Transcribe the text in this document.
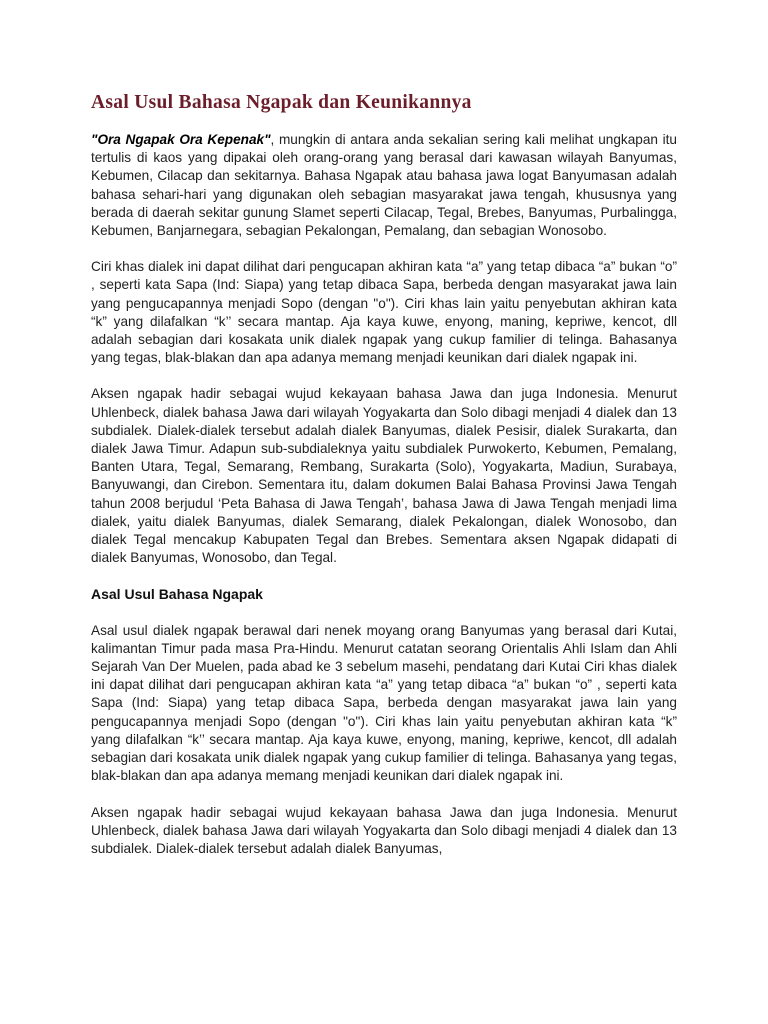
Asal Usul Bahasa Ngapak dan Keunikannya

"Ora Ngapak Ora Kepenak", mungkin di antara anda sekalian sering kali melihat ungkapan itu tertulis di kaos yang dipakai oleh orang-orang yang berasal dari kawasan wilayah Banyumas, Kebumen, Cilacap dan sekitarnya. Bahasa Ngapak atau bahasa jawa logat Banyumasan adalah bahasa sehari-hari yang digunakan oleh sebagian masyarakat jawa tengah, khususnya yang berada di daerah sekitar gunung Slamet seperti Cilacap, Tegal, Brebes, Banyumas, Purbalingga, Kebumen, Banjarnegara, sebagian Pekalongan, Pemalang, dan sebagian Wonosobo.

Ciri khas dialek ini dapat dilihat dari pengucapan akhiran kata “a” yang tetap dibaca “a” bukan “o” , seperti kata Sapa (Ind: Siapa) yang tetap dibaca Sapa, berbeda dengan masyarakat jawa lain yang pengucapannya menjadi Sopo (dengan "o"). Ciri khas lain yaitu penyebutan akhiran kata “k” yang dilafalkan “k’’ secara mantap. Aja kaya kuwe, enyong, maning, kepriwe, kencot, dll adalah sebagian dari kosakata unik dialek ngapak yang cukup familier di telinga. Bahasanya yang tegas, blak-blakan dan apa adanya memang menjadi keunikan dari dialek ngapak ini.

Aksen ngapak hadir sebagai wujud kekayaan bahasa Jawa dan juga Indonesia. Menurut Uhlenbeck, dialek bahasa Jawa dari wilayah Yogyakarta dan Solo dibagi menjadi 4 dialek dan 13 subdialek. Dialek-dialek tersebut adalah dialek Banyumas, dialek Pesisir, dialek Surakarta, dan dialek Jawa Timur. Adapun sub-subdialeknya yaitu subdialek Purwokerto, Kebumen, Pemalang, Banten Utara, Tegal, Semarang, Rembang, Surakarta (Solo), Yogyakarta, Madiun, Surabaya, Banyuwangi, dan Cirebon. Sementara itu, dalam dokumen Balai Bahasa Provinsi Jawa Tengah tahun 2008 berjudul ‘Peta Bahasa di Jawa Tengah’, bahasa Jawa di Jawa Tengah menjadi lima dialek, yaitu dialek Banyumas, dialek Semarang, dialek Pekalongan, dialek Wonosobo, dan dialek Tegal mencakup Kabupaten Tegal dan Brebes. Sementara aksen Ngapak didapati di dialek Banyumas, Wonosobo, dan Tegal.

Asal Usul Bahasa Ngapak

Asal usul dialek ngapak berawal dari nenek moyang orang Banyumas yang berasal dari Kutai, kalimantan Timur pada masa Pra-Hindu. Menurut catatan seorang Orientalis Ahli Islam dan Ahli Sejarah Van Der Muelen, pada abad ke 3 sebelum masehi, pendatang dari Kutai Ciri khas dialek ini dapat dilihat dari pengucapan akhiran kata “a” yang tetap dibaca “a” bukan “o” , seperti kata Sapa (Ind: Siapa) yang tetap dibaca Sapa, berbeda dengan masyarakat jawa lain yang pengucapannya menjadi Sopo (dengan "o"). Ciri khas lain yaitu penyebutan akhiran kata “k” yang dilafalkan “k’’ secara mantap. Aja kaya kuwe, enyong, maning, kepriwe, kencot, dll adalah sebagian dari kosakata unik dialek ngapak yang cukup familier di telinga. Bahasanya yang tegas, blak-blakan dan apa adanya memang menjadi keunikan dari dialek ngapak ini.

Aksen ngapak hadir sebagai wujud kekayaan bahasa Jawa dan juga Indonesia. Menurut Uhlenbeck, dialek bahasa Jawa dari wilayah Yogyakarta dan Solo dibagi menjadi 4 dialek dan 13 subdialek. Dialek-dialek tersebut adalah dialek Banyumas,
